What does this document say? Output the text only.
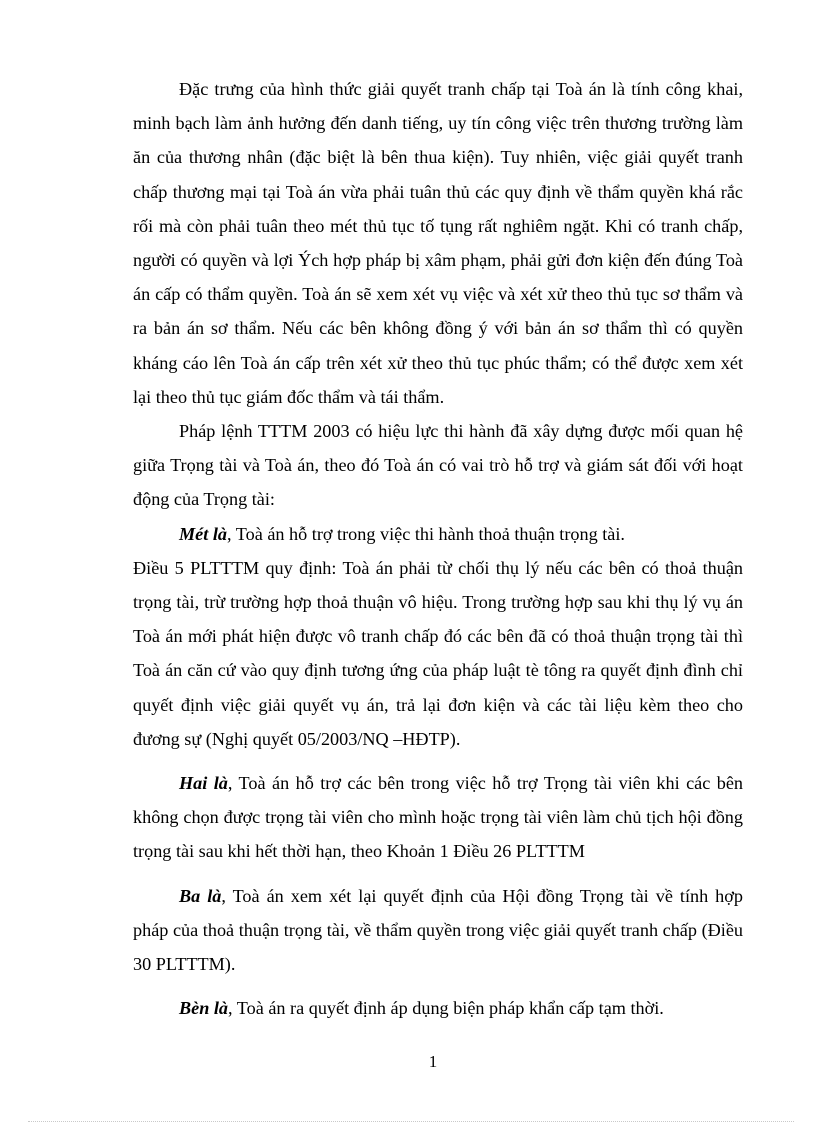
Đặc trưng của hình thức giải quyết tranh chấp tại Toà án là tính công khai, minh bạch làm ảnh hưởng đến danh tiếng, uy tín công việc trên thương trường làm ăn của thương nhân (đặc biệt là bên thua kiện). Tuy nhiên, việc giải quyết tranh chấp thương mại tại Toà án vừa phải tuân thủ các quy định về thẩm quyền khá rắc rối mà còn phải tuân theo mét thủ tục tố tụng rất nghiêm ngặt. Khi có tranh chấp, người có quyền và lợi Ých hợp pháp bị xâm phạm, phải gửi đơn kiện đến đúng Toà án cấp có thẩm quyền. Toà án sẽ xem xét vụ việc và xét xử theo thủ tục sơ thẩm và ra bản án sơ thẩm. Nếu các bên không đồng ý với bản án sơ thẩm thì có quyền kháng cáo lên Toà án cấp trên xét xử theo thủ tục phúc thẩm; có thể được xem xét lại theo thủ tục giám đốc thẩm và tái thẩm.

Pháp lệnh TTTM 2003 có hiệu lực thi hành đã xây dựng được mối quan hệ giữa Trọng tài và Toà án, theo đó Toà án có vai trò hỗ trợ và giám sát đối với hoạt động của Trọng tài:

Mét là, Toà án hỗ trợ trong việc thi hành thoả thuận trọng tài.

Điều 5 PLTTTM quy định: Toà án phải từ chối thụ lý nếu các bên có thoả thuận trọng tài, trừ trường hợp thoả thuận vô hiệu. Trong trường hợp sau khi thụ lý vụ án Toà án mới phát hiện được vô tranh chấp đó các bên đã có thoả thuận trọng tài thì Toà án căn cứ vào quy định tương ứng của pháp luật tè tông ra quyết định đình chỉ quyết định việc giải quyết vụ án, trả lại đơn kiện và các tài liệu kèm theo cho đương sự (Nghị quyết 05/2003/NQ –HĐTP).

Hai là, Toà án hỗ trợ các bên trong việc hỗ trợ Trọng tài viên khi các bên không chọn được trọng tài viên cho mình hoặc trọng tài viên làm chủ tịch hội đồng trọng tài sau khi hết thời hạn, theo Khoản 1 Điều 26 PLTTTM

Ba là, Toà án xem xét lại quyết định của Hội đồng Trọng tài về tính hợp pháp của thoả thuận trọng tài, về thẩm quyền trong việc giải quyết tranh chấp (Điều 30 PLTTTM).

Bèn là, Toà án ra quyết định áp dụng biện pháp khẩn cấp tạm thời.

1
